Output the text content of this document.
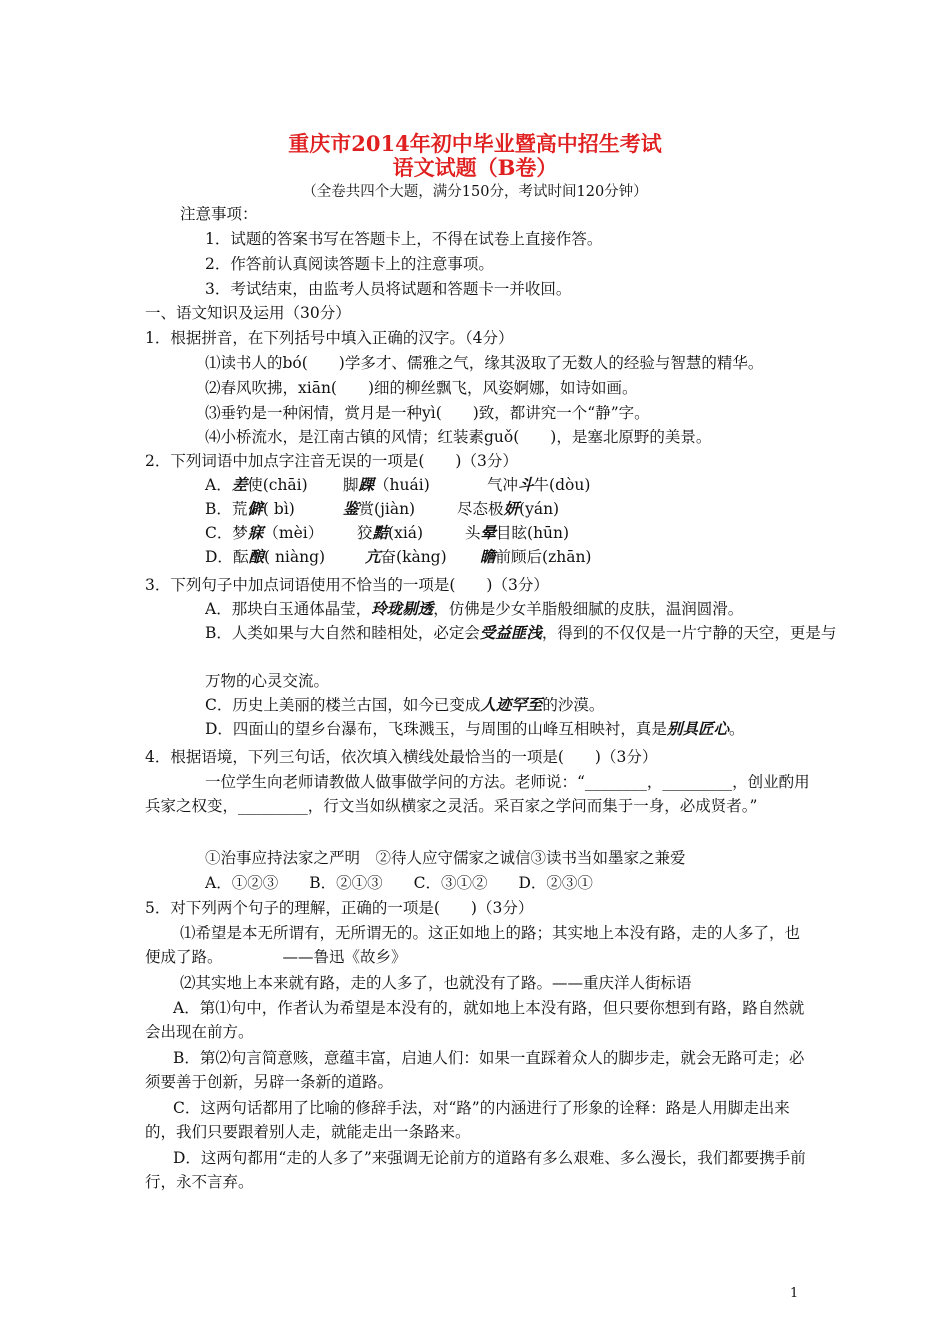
重庆市2014年初中毕业暨高中招生考试
语文试题（B卷）
（全卷共四个大题，满分150分，考试时间120分钟）
注意事项：
1．试题的答案书写在答题卡上，不得在试卷上直接作答。
2．作答前认真阅读答题卡上的注意事项。
3．考试结束，由监考人员将试题和答题卡一并收回。
一、语文知识及运用（30分）
1．根据拼音，在下列括号中填入正确的汉字。（4分）
⑴读书人的bó(　　)学多才、儒雅之气，缘其汲取了无数人的经验与智慧的精华。
⑵春风吹拂，xiān(　　)细的柳丝飘飞，风姿婀娜，如诗如画。
⑶垂钓是一种闲情，赏月是一种yì(　　)致，都讲究一个“静”字。
⑷小桥流水，是江南古镇的风情；红装素guǒ(　　)，是塞北原野的美景。
2．下列词语中加点字注音无误的一项是(　　)（3分）
A．差使(chāi) 脚踝（huái)	气冲斗牛(dòu)
B．荒僻( bì)	鉴赏(jiàn)	尽态极妍(yán)
C．梦寐（mèi） 狡黠(xiá)	头晕目眩(hūn)
D．酝酿( niàng)	亢奋(kàng) 瞻前顾后(zhān)
3．下列句子中加点词语使用不恰当的一项是(　　)（3分）
A．那块白玉通体晶莹，玲珑剔透，仿佛是少女羊脂般细腻的皮肤，温润圆滑。
B．人类如果与大自然和睦相处，必定会受益匪浅，得到的不仅仅是一片宁静的天空，更是与
万物的心灵交流。
C．历史上美丽的楼兰古国，如今已变成人迹罕至的沙漠。
D．四面山的望乡台瀑布，飞珠溅玉，与周围的山峰互相映衬，真是别具匠心。
4．根据语境，下列三句话，依次填入横线处最恰当的一项是(　　)（3分）
一位学生向老师请教做人做事做学问的方法。老师说：“________，_________，创业酌用兵家之权变，_________，行文当如纵横家之灵活。采百家之学问而集于一身，必成贤者。”
①治事应持法家之严明　②待人应守儒家之诚信③读书当如墨家之兼爱
A．①②③　　B．②①③　　C．③①②　　D．②③①
5．对下列两个句子的理解，正确的一项是(　　)（3分）
⑴希望是本无所谓有，无所谓无的。这正如地上的路；其实地上本没有路，走的人多了，也便成了路。	——鲁迅《故乡》
⑵其实地上本来就有路，走的人多了，也就没有了路。——重庆洋人街标语
A．第⑴句中，作者认为希望是本没有的，就如地上本没有路，但只要你想到有路，路自然就会出现在前方。
B．第⑵句言简意赅，意蕴丰富，启迪人们：如果一直踩着众人的脚步走，就会无路可走；必须要善于创新，另辟一条新的道路。
C．这两句话都用了比喻的修辞手法，对“路”的内涵进行了形象的诠释：路是人用脚走出来的，我们只要跟着别人走，就能走出一条路来。
D．这两句都用“走的人多了”来强调无论前方的道路有多么艰难、多么漫长，我们都要携手前行，永不言弃。
1
